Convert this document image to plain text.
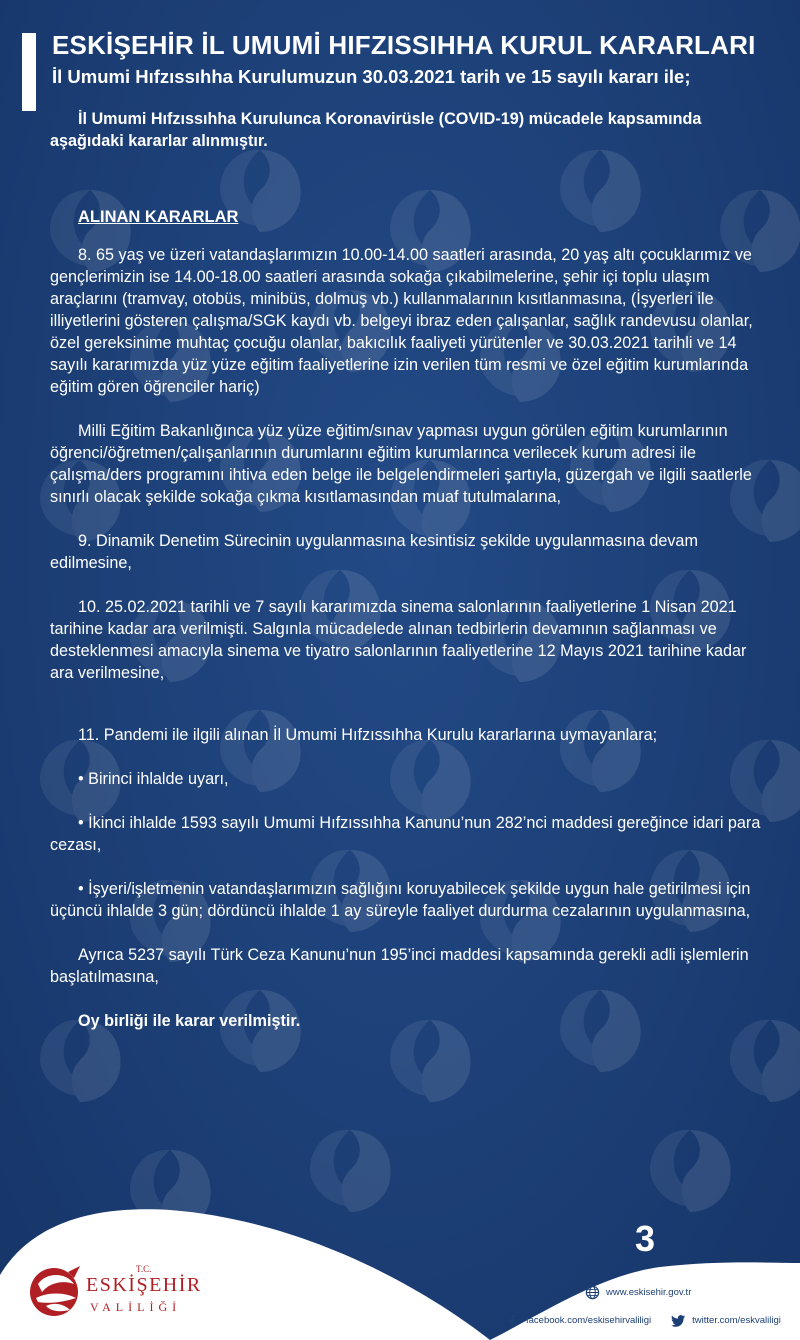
ESKİŞEHİR İL UMUMİ HIFZISSIHHA KURUL KARARLARI
İl Umumi Hıfzıssıhha Kurulumuzun 30.03.2021 tarih ve 15 sayılı kararı ile;

İl Umumi Hıfzıssıhha Kurulunca Koronavirüsle (COVID-19) mücadele kapsamında aşağıdaki kararlar alınmıştır.

ALINAN KARARLAR

8. 65 yaş ve üzeri vatandaşlarımızın 10.00-14.00 saatleri arasında, 20 yaş altı çocuklarımız ve gençlerimizin ise 14.00-18.00 saatleri arasında sokağa çıkabilmelerine, şehir içi toplu ulaşım araçlarını (tramvay, otobüs, minibüs, dolmuş vb.) kullanmalarının kısıtlanmasına, (İşyerleri ile illiyetlerini gösteren çalışma/SGK kaydı vb. belgeyi ibraz eden çalışanlar, sağlık randevusu olanlar, özel gereksinime muhtaç çocuğu olanlar, bakıcılık faaliyeti yürütenler ve 30.03.2021 tarihli ve 14 sayılı kararımızda yüz yüze eğitim faaliyetlerine izin verilen tüm resmi ve özel eğitim kurumlarında eğitim gören öğrenciler hariç)

Milli Eğitim Bakanlığınca yüz yüze eğitim/sınav yapması uygun görülen eğitim kurumlarının öğrenci/öğretmen/çalışanlarının durumlarını eğitim kurumlarınca verilecek kurum adresi ile çalışma/ders programını ihtiva eden belge ile belgelendirmeleri şartıyla, güzergah ve ilgili saatlerle sınırlı olacak şekilde sokağa çıkma kısıtlamasından muaf tutulmalarına,

9. Dinamik Denetim Sürecinin uygulanmasına kesintisiz şekilde uygulanmasına devam edilmesine,

10. 25.02.2021 tarihli ve 7 sayılı kararımızda sinema salonlarının faaliyetlerine 1 Nisan 2021 tarihine kadar ara verilmişti. Salgınla mücadelede alınan tedbirlerin devamının sağlanması ve desteklenmesi amacıyla sinema ve tiyatro salonlarının faaliyetlerine 12 Mayıs 2021 tarihine kadar ara verilmesine,

11. Pandemi ile ilgili alınan İl Umumi Hıfzıssıhha Kurulu kararlarına uymayanlara;

• Birinci ihlalde uyarı,

• İkinci ihlalde 1593 sayılı Umumi Hıfzıssıhha Kanunu’nun 282’nci maddesi gereğince idari para cezası,

• İşyeri/işletmenin vatandaşlarımızın sağlığını koruyabilecek şekilde uygun hale getirilmesi için üçüncü ihlalde 3 gün; dördüncü ihlalde 1 ay süreyle faaliyet durdurma cezalarının uygulanmasına,

Ayrıca 5237 sayılı Türk Ceza Kanunu’nun 195’inci maddesi kapsamında gerekli adli işlemlerin başlatılmasına,

Oy birliği ile karar verilmiştir.

3
T.C.
ESKİŞEHİR
VALİLİĞİ
www.eskisehir.gov.tr
facebook.com/eskisehirvaliligi	twitter.com/eskvaliligi
